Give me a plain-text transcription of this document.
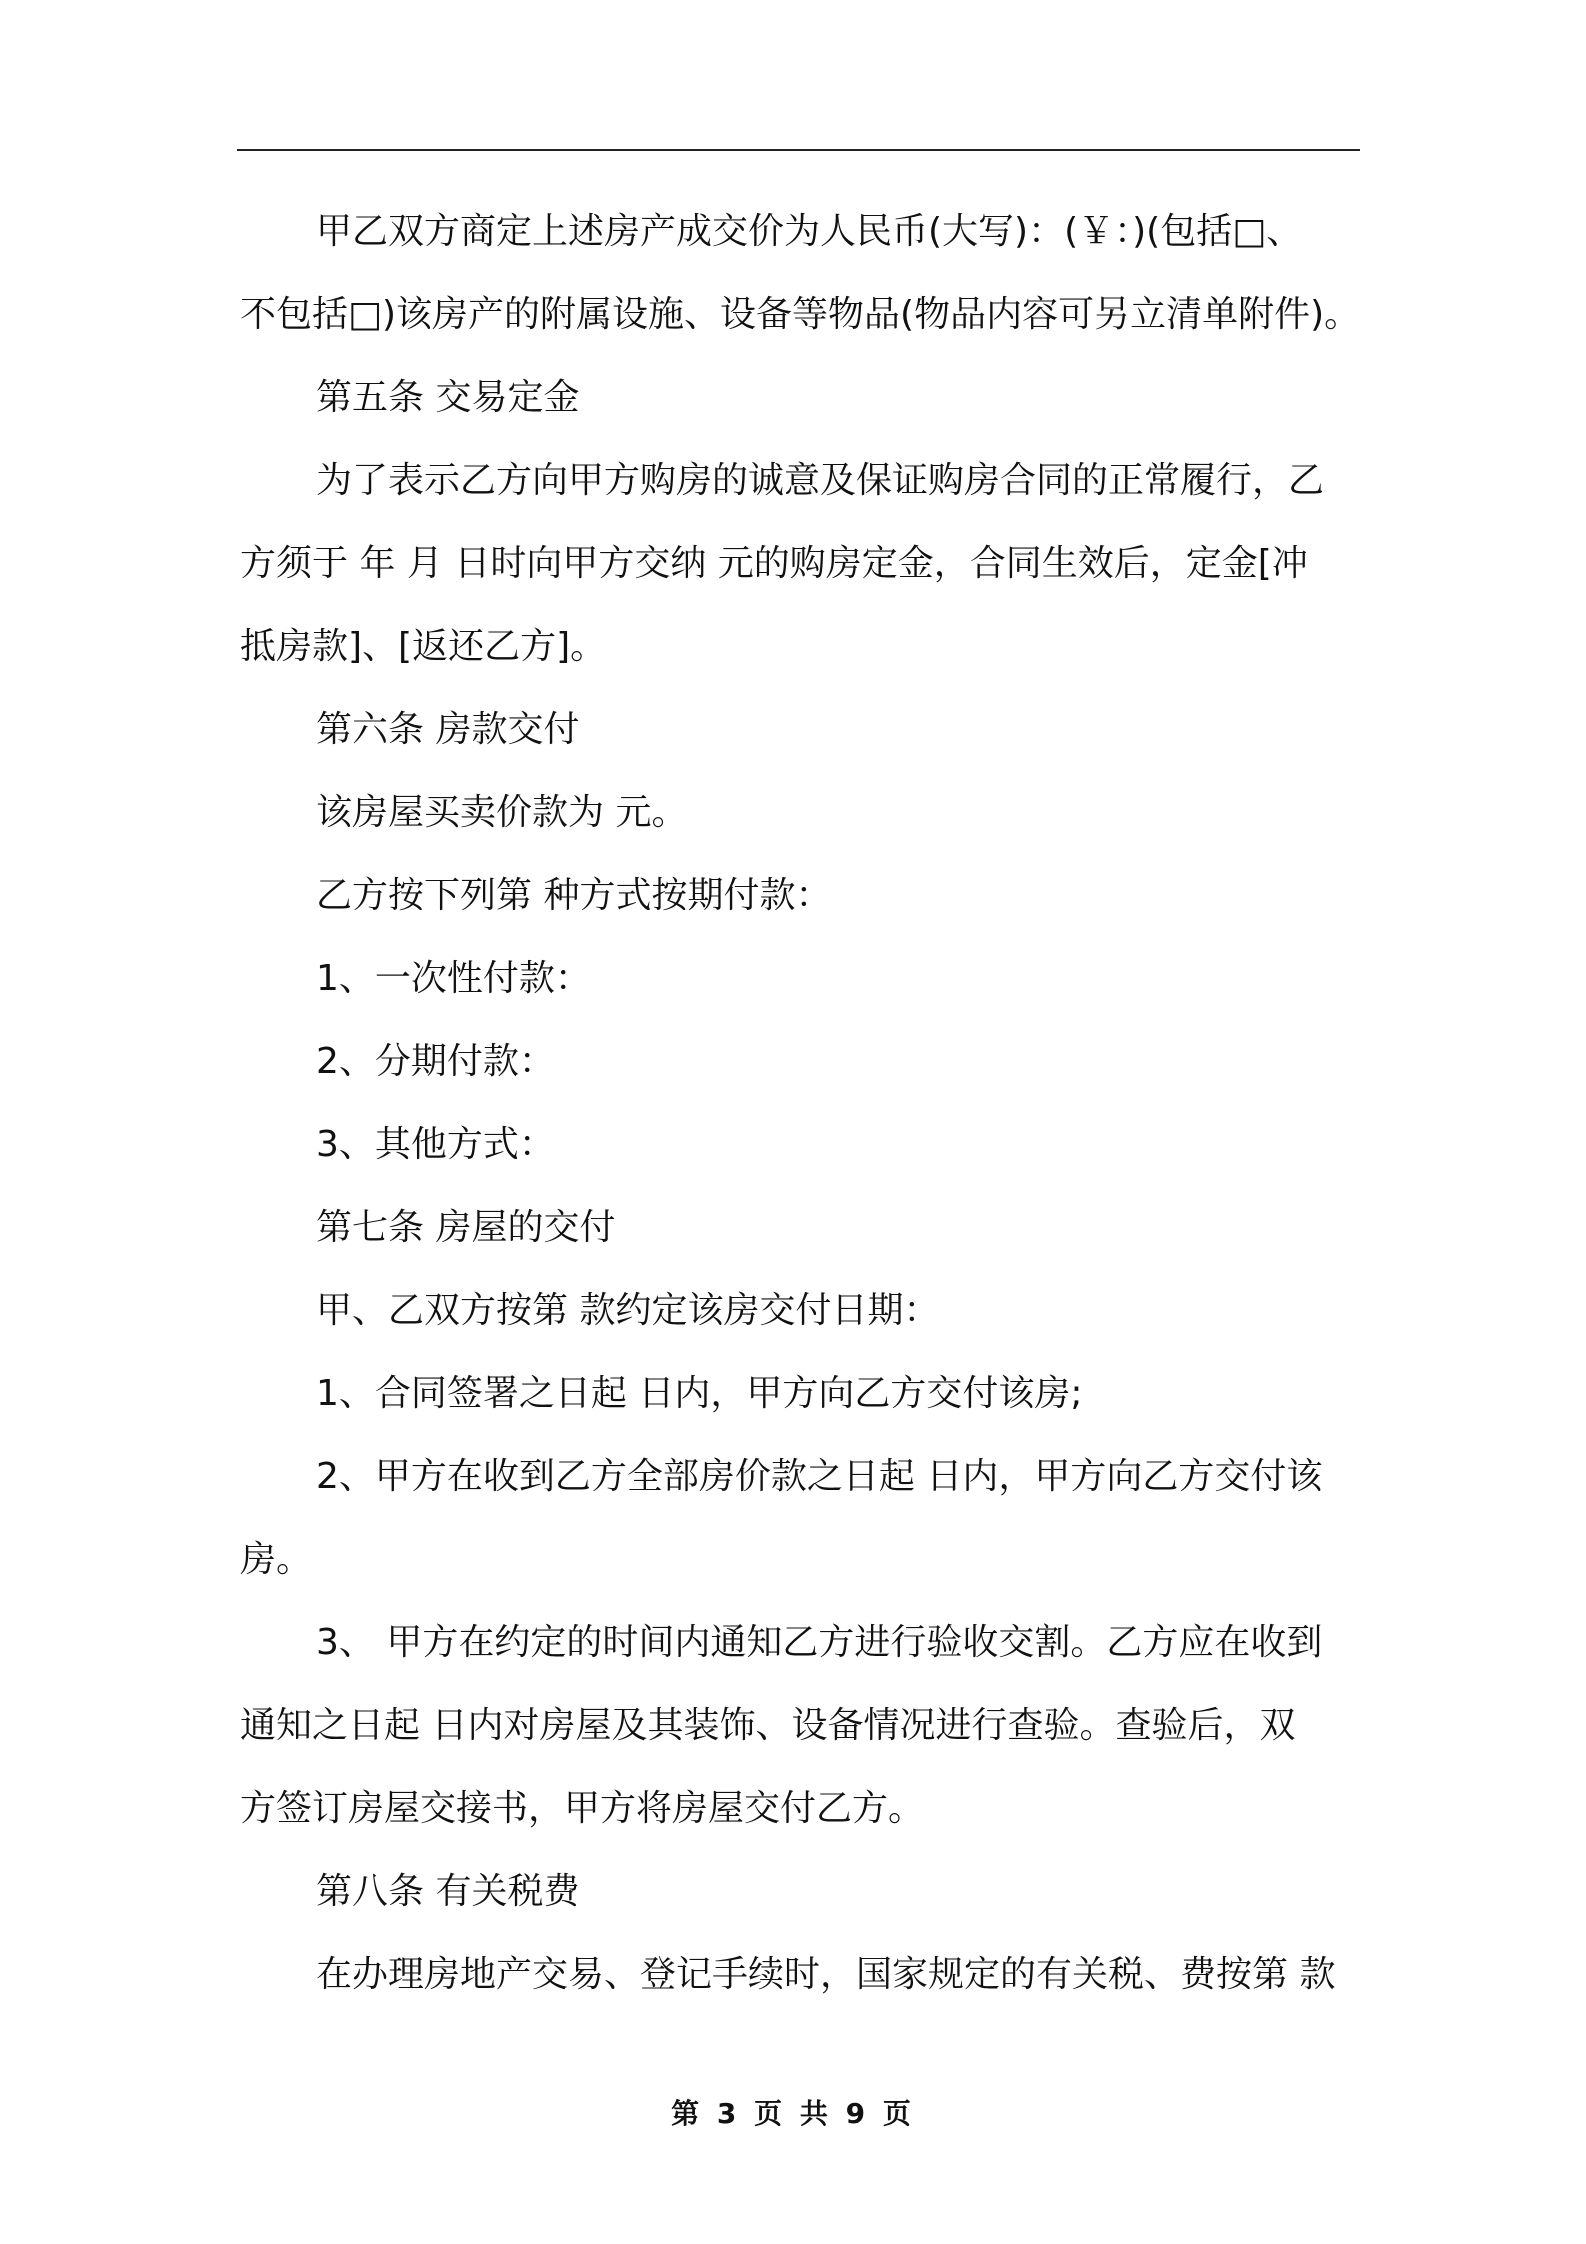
甲乙双方商定上述房产成交价为人民币(大写)：(￥：)(包括□、
不包括□)该房产的附属设施、设备等物品(物品内容可另立清单附件)。
第五条 交易定金
为了表示乙方向甲方购房的诚意及保证购房合同的正常履行，乙
方须于 年 月 日时向甲方交纳 元的购房定金，合同生效后，定金[冲
抵房款]、[返还乙方]。
第六条 房款交付
该房屋买卖价款为 元。
乙方按下列第 种方式按期付款：
1、一次性付款：
2、分期付款：
3、其他方式：
第七条 房屋的交付
甲、乙双方按第 款约定该房交付日期：
1、合同签署之日起 日内，甲方向乙方交付该房;
2、甲方在收到乙方全部房价款之日起 日内，甲方向乙方交付该
房。
3、 甲方在约定的时间内通知乙方进行验收交割。乙方应在收到
通知之日起 日内对房屋及其装饰、设备情况进行查验。查验后，双
方签订房屋交接书，甲方将房屋交付乙方。
第八条 有关税费
在办理房地产交易、登记手续时，国家规定的有关税、费按第 款
第 3 页 共 9 页
